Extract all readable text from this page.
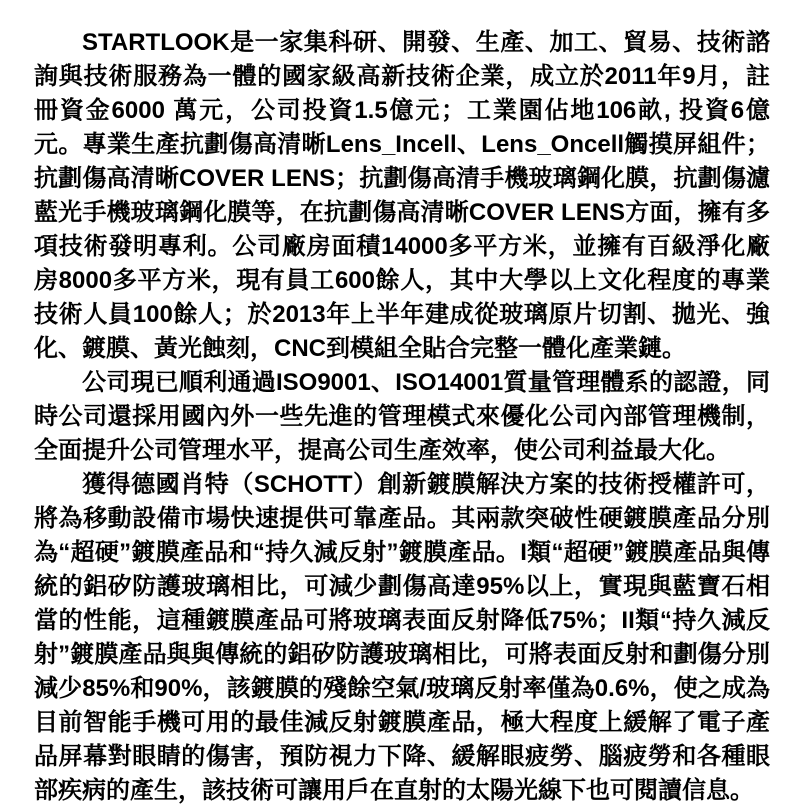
STARTLOOK是一家集科研、開發、生產、加工、貿易、技術諮詢與技術服務為一體的國家級高新技術企業，成立於2011年9月，註冊資金6000 萬元，公司投資1.5億元；工業園佔地106畝, 投資6億元。專業生產抗劃傷高清晰Lens_Incell、Lens_Oncell觸摸屏組件；抗劃傷高清晰COVER LENS；抗劃傷高清手機玻璃鋼化膜，抗劃傷濾藍光手機玻璃鋼化膜等，在抗劃傷高清晰COVER LENS方面，擁有多項技術發明專利。公司廠房面積14000多平方米，並擁有百級淨化廠房8000多平方米，現有員工600餘人，其中大學以上文化程度的專業技術人員100餘人；於2013年上半年建成從玻璃原片切割、拋光、強化、鍍膜、黃光蝕刻，CNC到模組全貼合完整一體化產業鏈。

公司現已順利通過ISO9001、ISO14001質量管理體系的認證，同時公司還採用國內外一些先進的管理模式來優化公司內部管理機制，全面提升公司管理水平，提高公司生產效率，使公司利益最大化。

獲得德國肖特（SCHOTT）創新鍍膜解決方案的技術授權許可，將為移動設備市場快速提供可靠產品。其兩款突破性硬鍍膜產品分別為“超硬”鍍膜產品和“持久減反射”鍍膜產品。I類“超硬”鍍膜產品與傳統的鋁矽防護玻璃相比，可減少劃傷高達95%以上，實現與藍寶石相當的性能，這種鍍膜產品可將玻璃表面反射降低75%；II類“持久減反射”鍍膜產品與與傳統的鋁矽防護玻璃相比，可將表面反射和劃傷分別減少85%和90%，該鍍膜的殘餘空氣/玻璃反射率僅為0.6%，使之成為目前智能手機可用的最佳減反射鍍膜產品，極大程度上緩解了電子產品屏幕對眼睛的傷害，預防視力下降、緩解眼疲勞、腦疲勞和各種眼部疾病的產生，該技術可讓用戶在直射的太陽光線下也可閱讀信息。
